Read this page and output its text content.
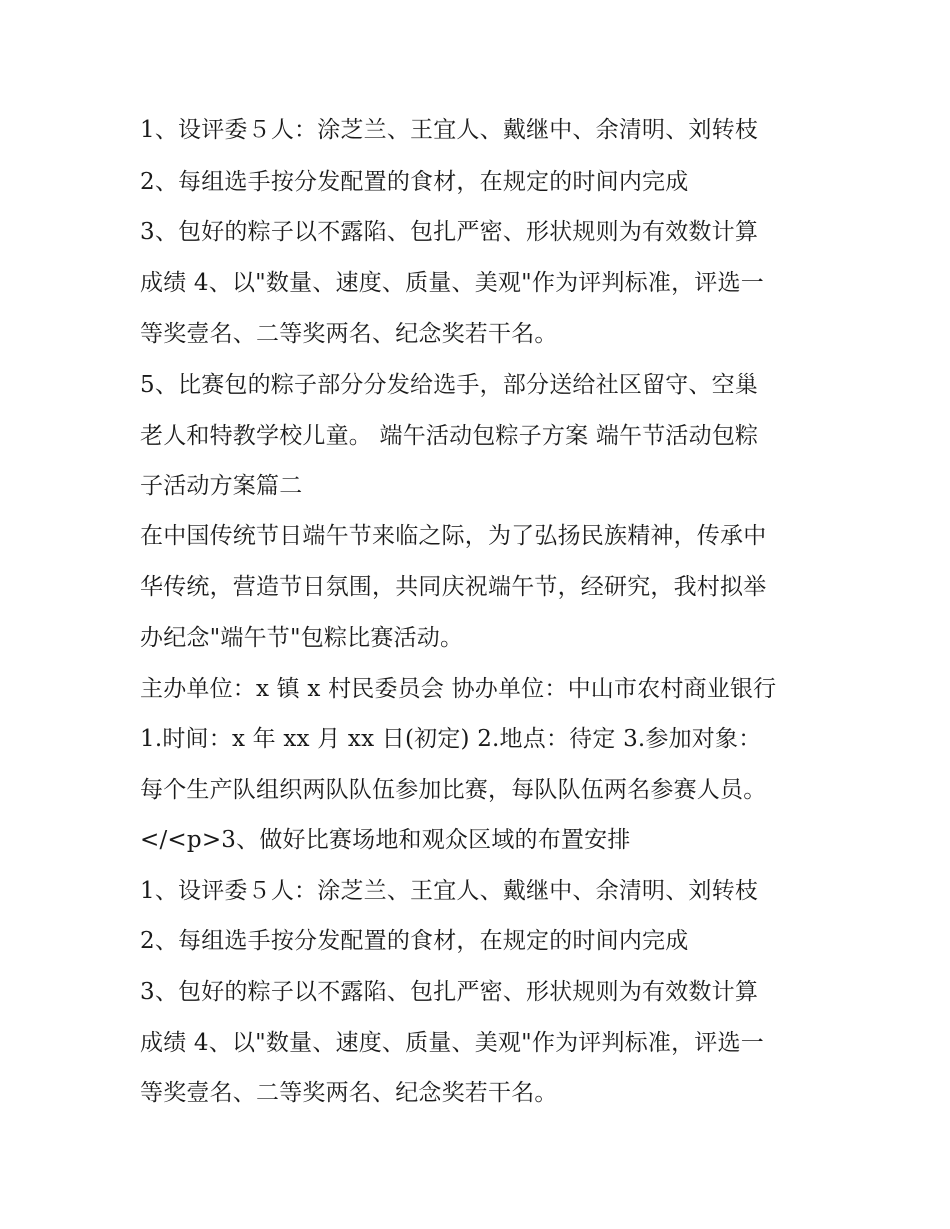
1、设评委５人：涂芝兰、王宜人、戴继中、余清明、刘转枝
2、每组选手按分发配置的食材，在规定的时间内完成
3、包好的粽子以不露陷、包扎严密、形状规则为有效数计算
成绩 4、以"数量、速度、质量、美观"作为评判标准，评选一
等奖壹名、二等奖两名、纪念奖若干名。
5、比赛包的粽子部分分发给选手，部分送给社区留守、空巢
老人和特教学校儿童。 端午活动包粽子方案 端午节活动包粽
子活动方案篇二
在中国传统节日端午节来临之际，为了弘扬民族精神，传承中
华传统，营造节日氛围，共同庆祝端午节，经研究，我村拟举
办纪念"端午节"包粽比赛活动。
主办单位：x 镇 x 村民委员会 协办单位：中山市农村商业银行
1.时间：x 年 xx 月 xx 日(初定) 2.地点：待定 3.参加对象：
每个生产队组织两队队伍参加比赛，每队队伍两名参赛人员。
</<p>3、做好比赛场地和观众区域的布置安排
1、设评委５人：涂芝兰、王宜人、戴继中、余清明、刘转枝
2、每组选手按分发配置的食材，在规定的时间内完成
3、包好的粽子以不露陷、包扎严密、形状规则为有效数计算
成绩 4、以"数量、速度、质量、美观"作为评判标准，评选一
等奖壹名、二等奖两名、纪念奖若干名。
